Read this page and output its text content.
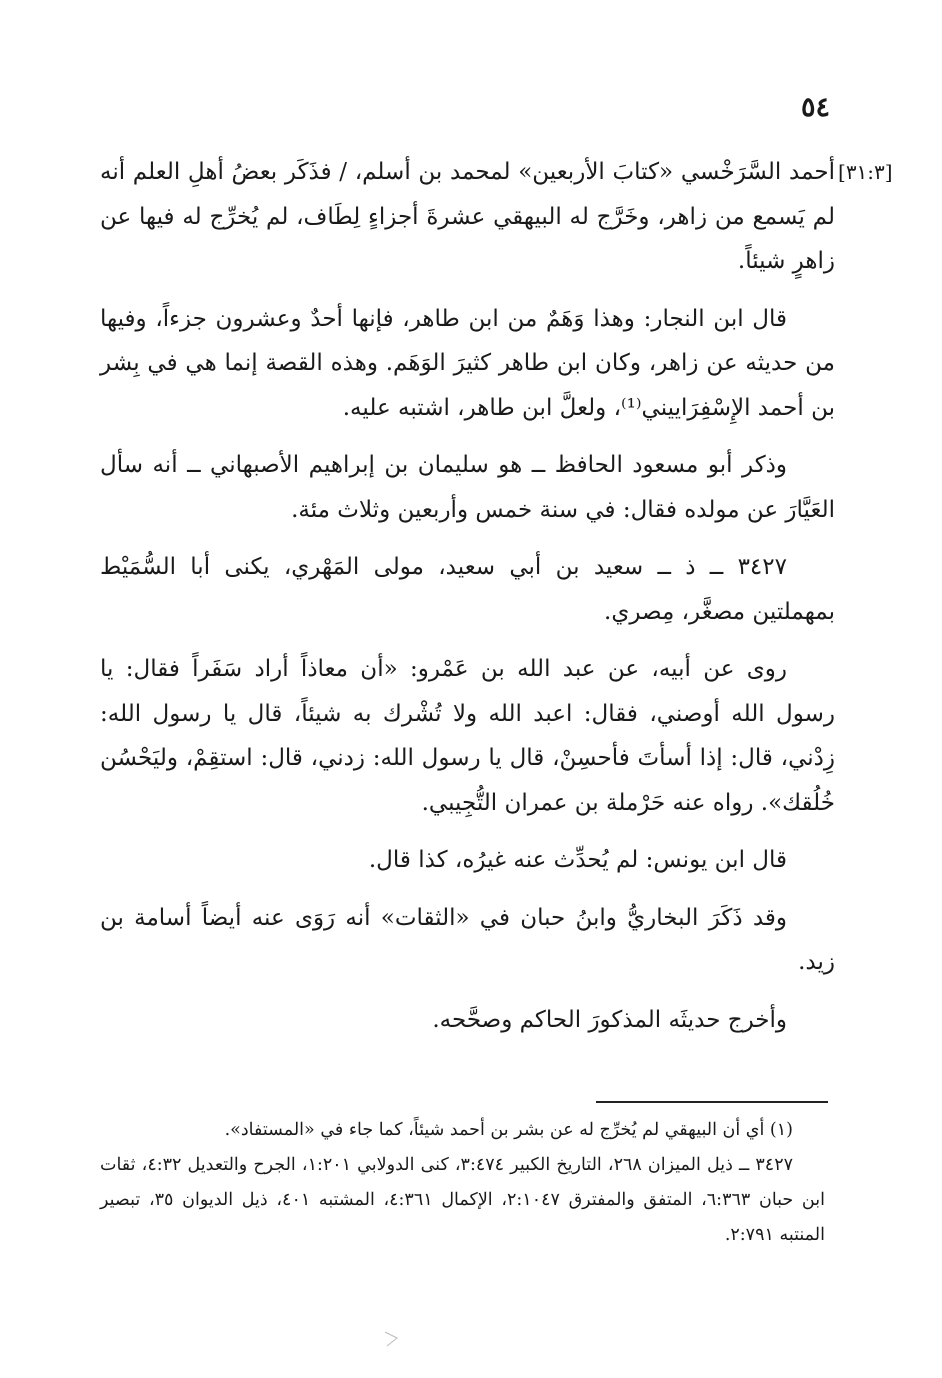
٥٤
[٣١:٣]

أحمد السَّرَخْسي «كتابَ الأربعين» لمحمد بن أسلم، / فذَكَر بعضُ أهلِ العلم أنه لم يَسمع من زاهر، وخَرَّج له البيهقي عشرةَ أجزاءٍ لِطَاف، لم يُخرِّج له فيها عن زاهرٍ شيئاً.

قال ابن النجار: وهذا وَهَمٌ من ابن طاهر، فإنها أحدٌ وعشرون جزءاً، وفيها من حديثه عن زاهر، وكان ابن طاهر كثيرَ الوَهَم. وهذه القصة إنما هي في بِشر بن أحمد الإِسْفِرَاييني⁽¹⁾، ولعلَّ ابن طاهر، اشتبه عليه.

وذكر أبو مسعود الحافظ ــ هو سليمان بن إبراهيم الأصبهاني ــ أنه سأل العَيَّارَ عن مولده فقال: في سنة خمس وأربعين وثلاث مئة.

٣٤٢٧ ــ ذ ــ سعيد بن أبي سعيد، مولى المَهْري، يكنى أبا السُّمَيْط بمهملتين مصغَّر، مِصري.

روى عن أبيه، عن عبد الله بن عَمْرو: «أن معاذاً أراد سَفَراً فقال: يا رسول الله أوصني، فقال: اعبد الله ولا تُشْرك به شيئاً، قال يا رسول الله: زِدْني، قال: إذا أسأتَ فأحسِنْ، قال يا رسول الله: زدني، قال: استقِمْ، وليَحْسُن خُلُقك». رواه عنه حَرْملة بن عمران التُّجِيبي.

قال ابن يونس: لم يُحدِّث عنه غيرُه، كذا قال.

وقد ذَكَرَ البخاريُّ وابنُ حبان في «الثقات» أنه رَوَى عنه أيضاً أسامة بن زيد.

وأخرج حديثَه المذكورَ الحاكم وصحَّحه.

(١) أي أن البيهقي لم يُخرِّج له عن بشر بن أحمد شيئاً، كما جاء في «المستفاد».

٣٤٢٧ ــ ذيل الميزان ٢٦٨، التاريخ الكبير ٣:٤٧٤، كنى الدولابي ١:٢٠١، الجرح والتعديل ٤:٣٢، ثقات ابن حبان ٦:٣٦٣، المتفق والمفترق ٢:١٠٤٧، الإكمال ٤:٣٦١، المشتبه ٤٠١، ذيل الديوان ٣٥، تبصير المنتبه ٢:٧٩١.
